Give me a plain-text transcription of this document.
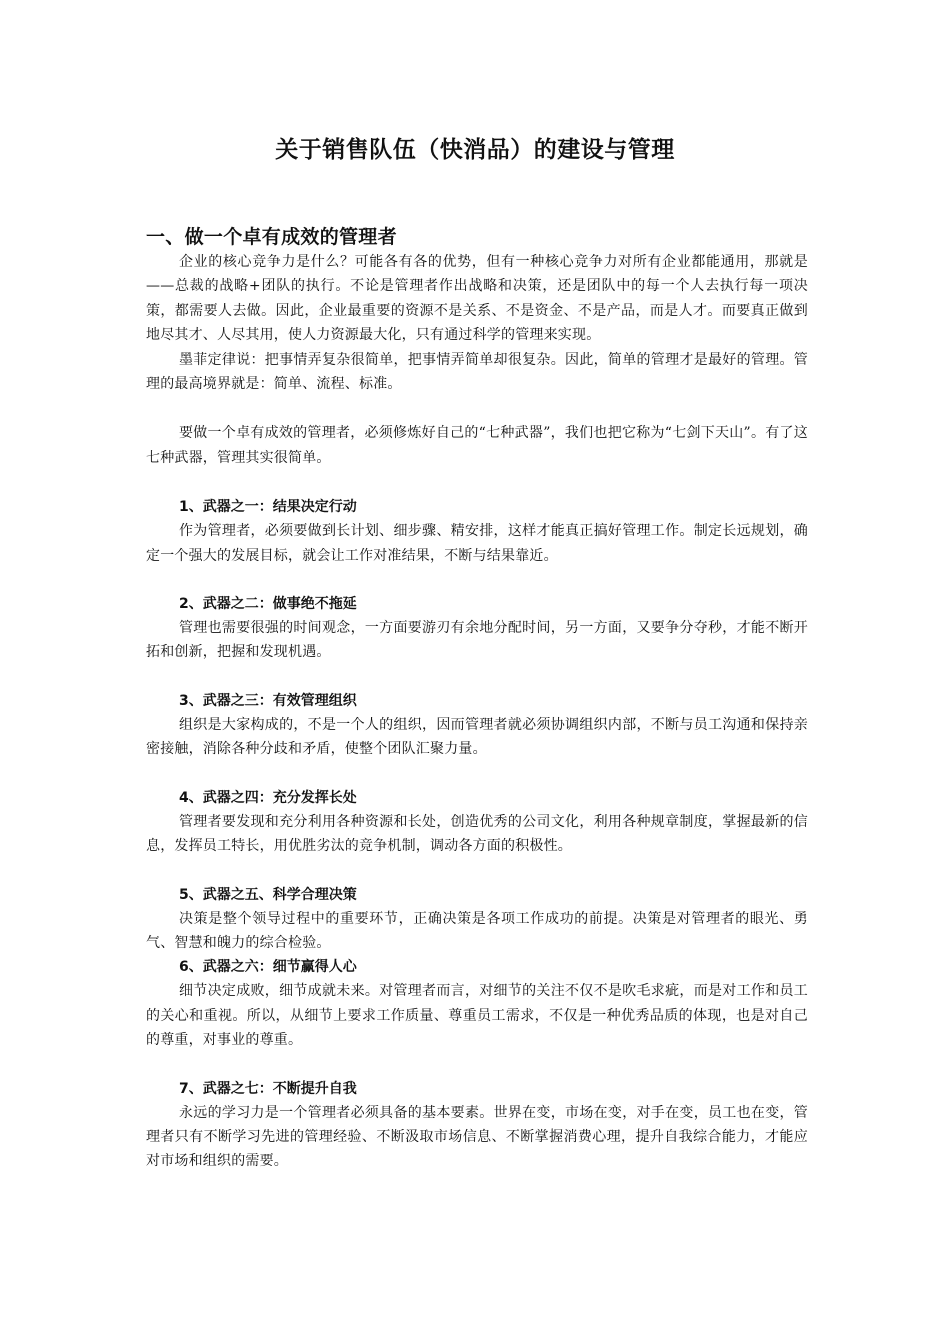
关于销售队伍（快消品）的建设与管理
一、做一个卓有成效的管理者

企业的核心竞争力是什么？可能各有各的优势，但有一种核心竞争力对所有企业都能通用，那就是——总裁的战略+团队的执行。不论是管理者作出战略和决策，还是团队中的每一个人去执行每一项决策，都需要人去做。因此，企业最重要的资源不是关系、不是资金、不是产品，而是人才。而要真正做到地尽其才、人尽其用，使人力资源最大化，只有通过科学的管理来实现。

墨菲定律说：把事情弄复杂很简单，把事情弄简单却很复杂。因此，简单的管理才是最好的管理。管理的最高境界就是：简单、流程、标准。

要做一个卓有成效的管理者，必须修炼好自己的“七种武器”，我们也把它称为“七剑下天山”。有了这七种武器，管理其实很简单。

1、武器之一：结果决定行动

作为管理者，必须要做到长计划、细步骤、精安排，这样才能真正搞好管理工作。制定长远规划，确定一个强大的发展目标，就会让工作对准结果，不断与结果靠近。

2、武器之二：做事绝不拖延

管理也需要很强的时间观念，一方面要游刃有余地分配时间，另一方面，又要争分夺秒，才能不断开拓和创新，把握和发现机遇。

3、武器之三：有效管理组织

组织是大家构成的，不是一个人的组织，因而管理者就必须协调组织内部，不断与员工沟通和保持亲密接触，消除各种分歧和矛盾，使整个团队汇聚力量。

4、武器之四：充分发挥长处

管理者要发现和充分利用各种资源和长处，创造优秀的公司文化，利用各种规章制度，掌握最新的信息，发挥员工特长，用优胜劣汰的竞争机制，调动各方面的积极性。

5、武器之五、科学合理决策

决策是整个领导过程中的重要环节，正确决策是各项工作成功的前提。决策是对管理者的眼光、勇气、智慧和魄力的综合检验。

6、武器之六：细节赢得人心

细节决定成败，细节成就未来。对管理者而言，对细节的关注不仅不是吹毛求疵，而是对工作和员工的关心和重视。所以，从细节上要求工作质量、尊重员工需求，不仅是一种优秀品质的体现，也是对自己的尊重，对事业的尊重。

7、武器之七：不断提升自我

永远的学习力是一个管理者必须具备的基本要素。世界在变，市场在变，对手在变，员工也在变，管理者只有不断学习先进的管理经验、不断汲取市场信息、不断掌握消费心理，提升自我综合能力，才能应对市场和组织的需要。
